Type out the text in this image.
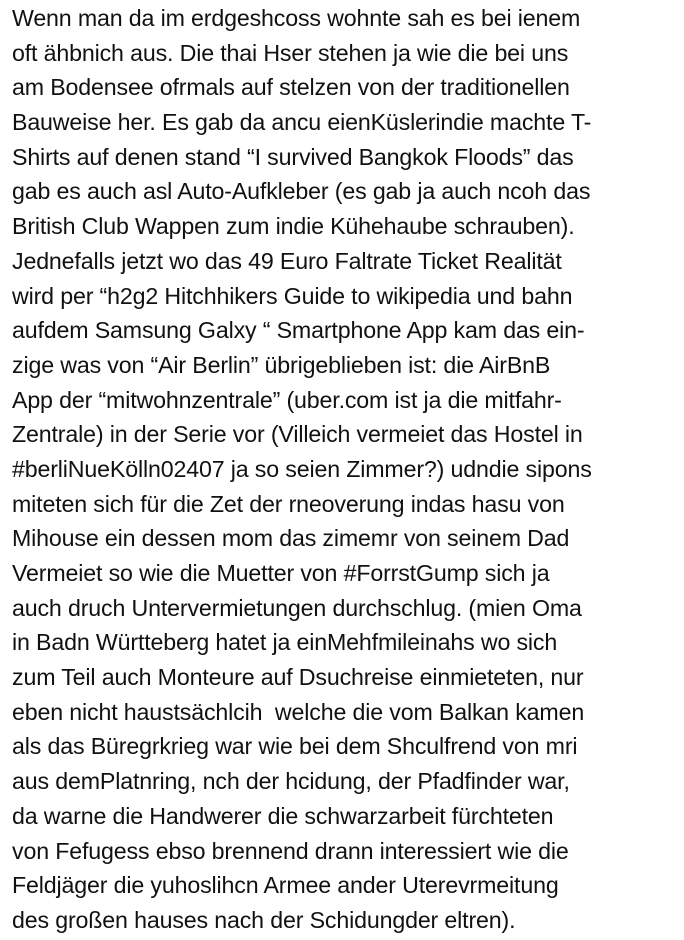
Wenn man da im erdgeshcoss wohnte sah es bei ienem
oft ähbnich aus. Die thai Hser stehen ja wie die bei uns
am Bodensee ofrmals auf stelzen von der traditionellen
Bauweise her. Es gab da ancu eienKüslerindie machte T-
Shirts auf denen stand “I survived Bangkok Floods” das
gab es auch asl Auto-Aufkleber (es gab ja auch ncoh das
British Club Wappen zum indie Kühehaube schrauben).
Jednefalls jetzt wo das 49 Euro Faltrate Ticket Realität
wird per “h2g2 Hitchhikers Guide to wikipedia und bahn
aufdem Samsung Galxy “ Smartphone App kam das ein-
zige was von “Air Berlin” übrigeblieben ist: die AirBnB
App der “mitwohnzentrale” (uber.com ist ja die mitfahr-
Zentrale) in der Serie vor (Villeich vermeiet das Hostel in
#berliNueKölln02407 ja so seien Zimmer?) udndie sipons
miteten sich für die Zet der rneoverung indas hasu von
Mihouse ein dessen mom das zimemr von seinem Dad
Vermeiet so wie die Muetter von #ForrstGump sich ja
auch druch Untervermietungen durchschlug. (mien Oma
in Badn Württeberg hatet ja einMehfmileinahs wo sich
zum Teil auch Monteure auf Dsuchreise einmieteten, nur
eben nicht haustsächlcih  welche die vom Balkan kamen
als das Büregrkrieg war wie bei dem Shculfrend von mri
aus demPlatnring, nch der hcidung, der Pfadfinder war,
da warne die Handwerer die schwarzarbeit fürchteten
von Fefugess ebso brennend drann interessiert wie die
Feldjäger die yuhoslihcn Armee ander Uterevrmeitung
des großen hauses nach der Schidungder eltren).
